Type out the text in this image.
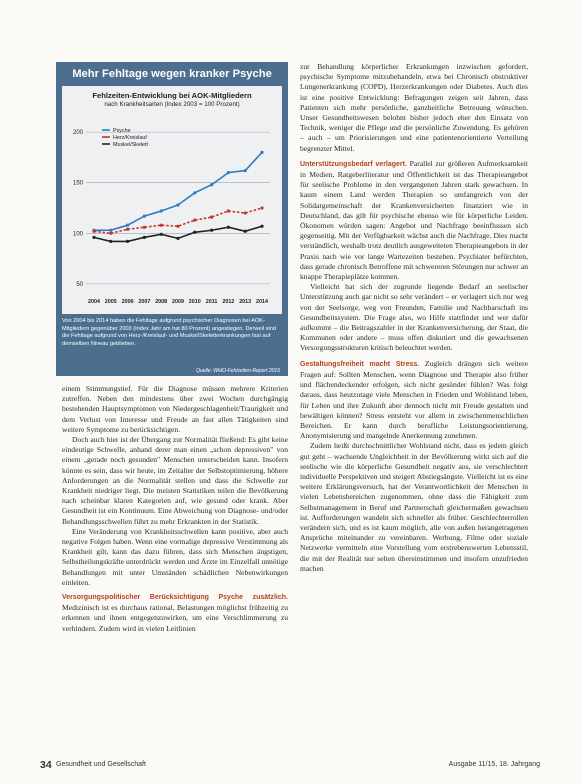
Mehr Fehltage wegen kranker Psyche
Fehlzeiten-Entwicklung bei AOK-Mitgliedern
nach Krankheitsarten (Index 2003 = 100 Prozent)
50
100
150
200
2004 2005 2006 2007 2008 2009 2010 2011 2012 2013 2014
Psyche
Herz/Kreislauf
Muskel/Skelett
Von 2004 bis 2014 haben die Fehltage aufgrund psychischer Diagnosen bei AOK-Mitgliedern gegenüber 2003 (Index Jahr am hat 80 Prozent) angestiegen. Derweil sind die Fehltage aufgrund von Herz-/Kreislauf- und Muskel/Skeletterkrankungen fast auf demselben Niveau geblieben.
Quelle: WIdO-Fehlzeiten-Report 2015

einem Stimmungstief. Für die Diagnose müssen mehrere Kriterien zutreffen. Neben den mindestens über zwei Wochen durchgängig bestehenden Hauptsymptomen von Niedergeschlagenheit/Traurigkeit und dem Verlust von Interesse und Freude an fast allen Tätigkeiten sind weitere Symptome zu berücksichtigen.

Doch auch hier ist der Übergang zur Normalität fließend: Es gibt keine eindeutige Schwelle, anhand derer man einen „schon depressiven" von einem „gerade noch gesunden" Menschen unterscheiden kann. Insofern könnte es sein, dass wir heute, im Zeitalter der Selbstoptimierung, höhere Anforderungen an die Normalität stellen und dass die Schwelle zur Krankheit niedriger liegt. Die meisten Statistiken teilen die Bevölkerung nach scheinbar klaren Kategorien auf, wie gesund oder krank. Aber Gesundheit ist ein Kontinuum. Eine Abweichung von Diagnose- und/oder Behandlungsschwellen führt zu mehr Erkrankten in der Statistik.

Eine Veränderung von Krankheitsschwellen kann positive, aber auch negative Folgen haben. Wenn eine vormalige depressive Verstimmung als Krankheit gilt, kann das dazu führen, dass sich Menschen ängstigen, Selbstheilungskräfte unterdrückt werden und Ärzte im Einzelfall unnötige Behandlungen mit unter Umständen schädlichen Nebenwirkungen einleiten.

Versorgungspolitischer Berücksichtigung Psyche zusätzlich. Medizinisch ist es durchaus rational, Belastungen möglichst frühzeitig zu erkennen und ihnen entgegenzuwirken, um eine Verschlimmerung zu verhindern. Zudem wird in vielen Leitlinien

zur Behandlung körperlicher Erkrankungen inzwischen gefordert, psychische Symptome mitzubehandeln, etwa bei Chronisch obstruktiver Lungenerkrankung (COPD), Herzerkrankungen oder Diabetes. Auch dies ist eine positive Entwicklung: Befragungen zeigen seit Jahren, dass Patienten sich mehr persönliche, ganzheitliche Betreuung wünschen. Unser Gesundheitswesen belohnt bisher jedoch eher den Einsatz von Technik, weniger die Pflege und die persönliche Zuwendung. Es gehören – auch – um Priorisierungen und eine patientenorientierte Verteilung begrenzter Mittel.

Unterstützungsbedarf verlagert. Parallel zur größeren Aufmerksamkeit in Medien, Ratgeberliteratur und Öffentlichkeit ist das Therapieangebot für seelische Probleme in den vergangenen Jahren stark gewachsen. In kaum einem Land werden Therapien so umfangreich von der Solidargemeinschaft der Krankenversicherten finanziert wie in Deutschland, das gilt für psychische ebenso wie für körperliche Leiden. Ökonomen würden sagen: Angebot und Nachfrage beeinflussen sich gegenseitig. Mit der Verfügbarkeit wächst auch die Nachfrage. Dies macht verständlich, weshalb trotz deutlich ausgeweiteten Therapieangebots in der Praxis nach wie vor lange Wartezeiten bestehen. Psychiater befürchten, dass gerade chronisch Betroffene mit schwereren Störungen nur schwer an knappe Therapieplätze kommen.

Vielleicht hat sich der zugrunde liegende Bedarf an seelischer Unterstützung auch gar nicht so sehr verändert – er verlagert sich nur weg von der Seelsorge, weg von Freunden, Familie und Nachbarschaft ins Gesundheitssystem. Die Frage also, wo Hilfe stattfindet und wer dafür aufkommt – die Beitragszahler in der Krankenversicherung, der Staat, die Kommunen oder andere – muss offen diskutiert und die gewachsenen Versorgungsstrukturen kritisch beleuchtet werden.

Gestaltungsfreiheit macht Stress. Zugleich drängen sich weitere Fragen auf: Sollten Menschen, wenn Diagnose und Therapie also früher und flächendeckender erfolgen, sich nicht gesünder fühlen? Was folgt daraus, dass heutzutage viele Menschen in Frieden und Wohlstand leben, für Leben und ihre Zukunft aber dennoch nicht mit Freude gestalten und bewältigen können? Stress entsteht vor allem in zwischenmenschlichen Bereichen. Er kann durch berufliche Leistungsorientierung, Anonymisierung und mangelnde Anerkennung zunehmen.

Zudem heißt durchschnittlicher Wohlstand nicht, dass es jedem gleich gut geht – wachsende Ungleichheit in der Bevölkerung wirkt sich auf die seelische wie die körperliche Gesundheit negativ aus, sie verschlechtert individuelle Perspektiven und steigert Abstiegsängste. Vielleicht ist es eine weitere Erklärungsversuch, hat der Verantwortlichkeit der Menschen in vielen Lebensbereichen zugenommen, ohne dass die Fähigkeit zum Selbstmanagement in Beruf und Partnerschaft gleichermaßen gewachsen ist. Aufforderungen wandeln sich schneller als früher. Geschlechterrollen verändern sich, und es ist kaum möglich, alle von außen herangetragenen Ansprüche miteinander zu vereinbaren. Werbung, Filme oder soziale Netzwerke vermitteln eine Vorstellung vom erstrebenswerten Lebensstil, die mit der Realität nur selten übereinstimmen und insofern unzufrieden machen

34 Gesundheit und Gesellschaft	Ausgabe 11/15, 18. Jahrgang
